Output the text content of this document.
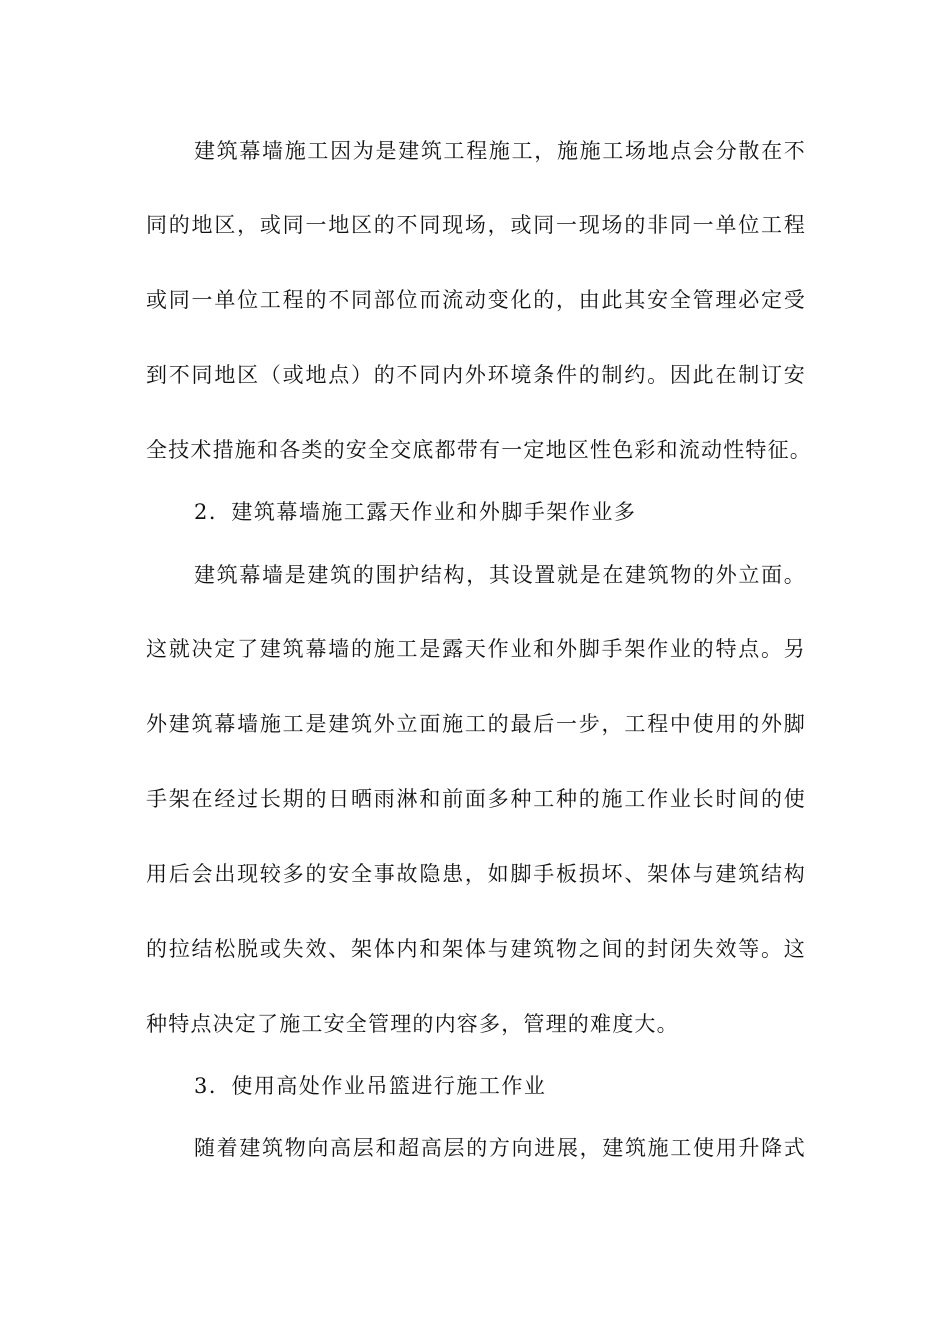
建筑幕墙施工因为是建筑工程施工，施施工场地点会分散在不
同的地区，或同一地区的不同现场，或同一现场的非同一单位工程
或同一单位工程的不同部位而流动变化的，由此其安全管理必定受
到不同地区（或地点）的不同内外环境条件的制约。因此在制订安
全技术措施和各类的安全交底都带有一定地区性色彩和流动性特征。
2．建筑幕墙施工露天作业和外脚手架作业多
建筑幕墙是建筑的围护结构，其设置就是在建筑物的外立面。
这就决定了建筑幕墙的施工是露天作业和外脚手架作业的特点。另
外建筑幕墙施工是建筑外立面施工的最后一步，工程中使用的外脚
手架在经过长期的日晒雨淋和前面多种工种的施工作业长时间的使
用后会出现较多的安全事故隐患，如脚手板损坏、架体与建筑结构
的拉结松脱或失效、架体内和架体与建筑物之间的封闭失效等。这
种特点决定了施工安全管理的内容多，管理的难度大。
3．使用高处作业吊篮进行施工作业
随着建筑物向高层和超高层的方向进展，建筑施工使用升降式
